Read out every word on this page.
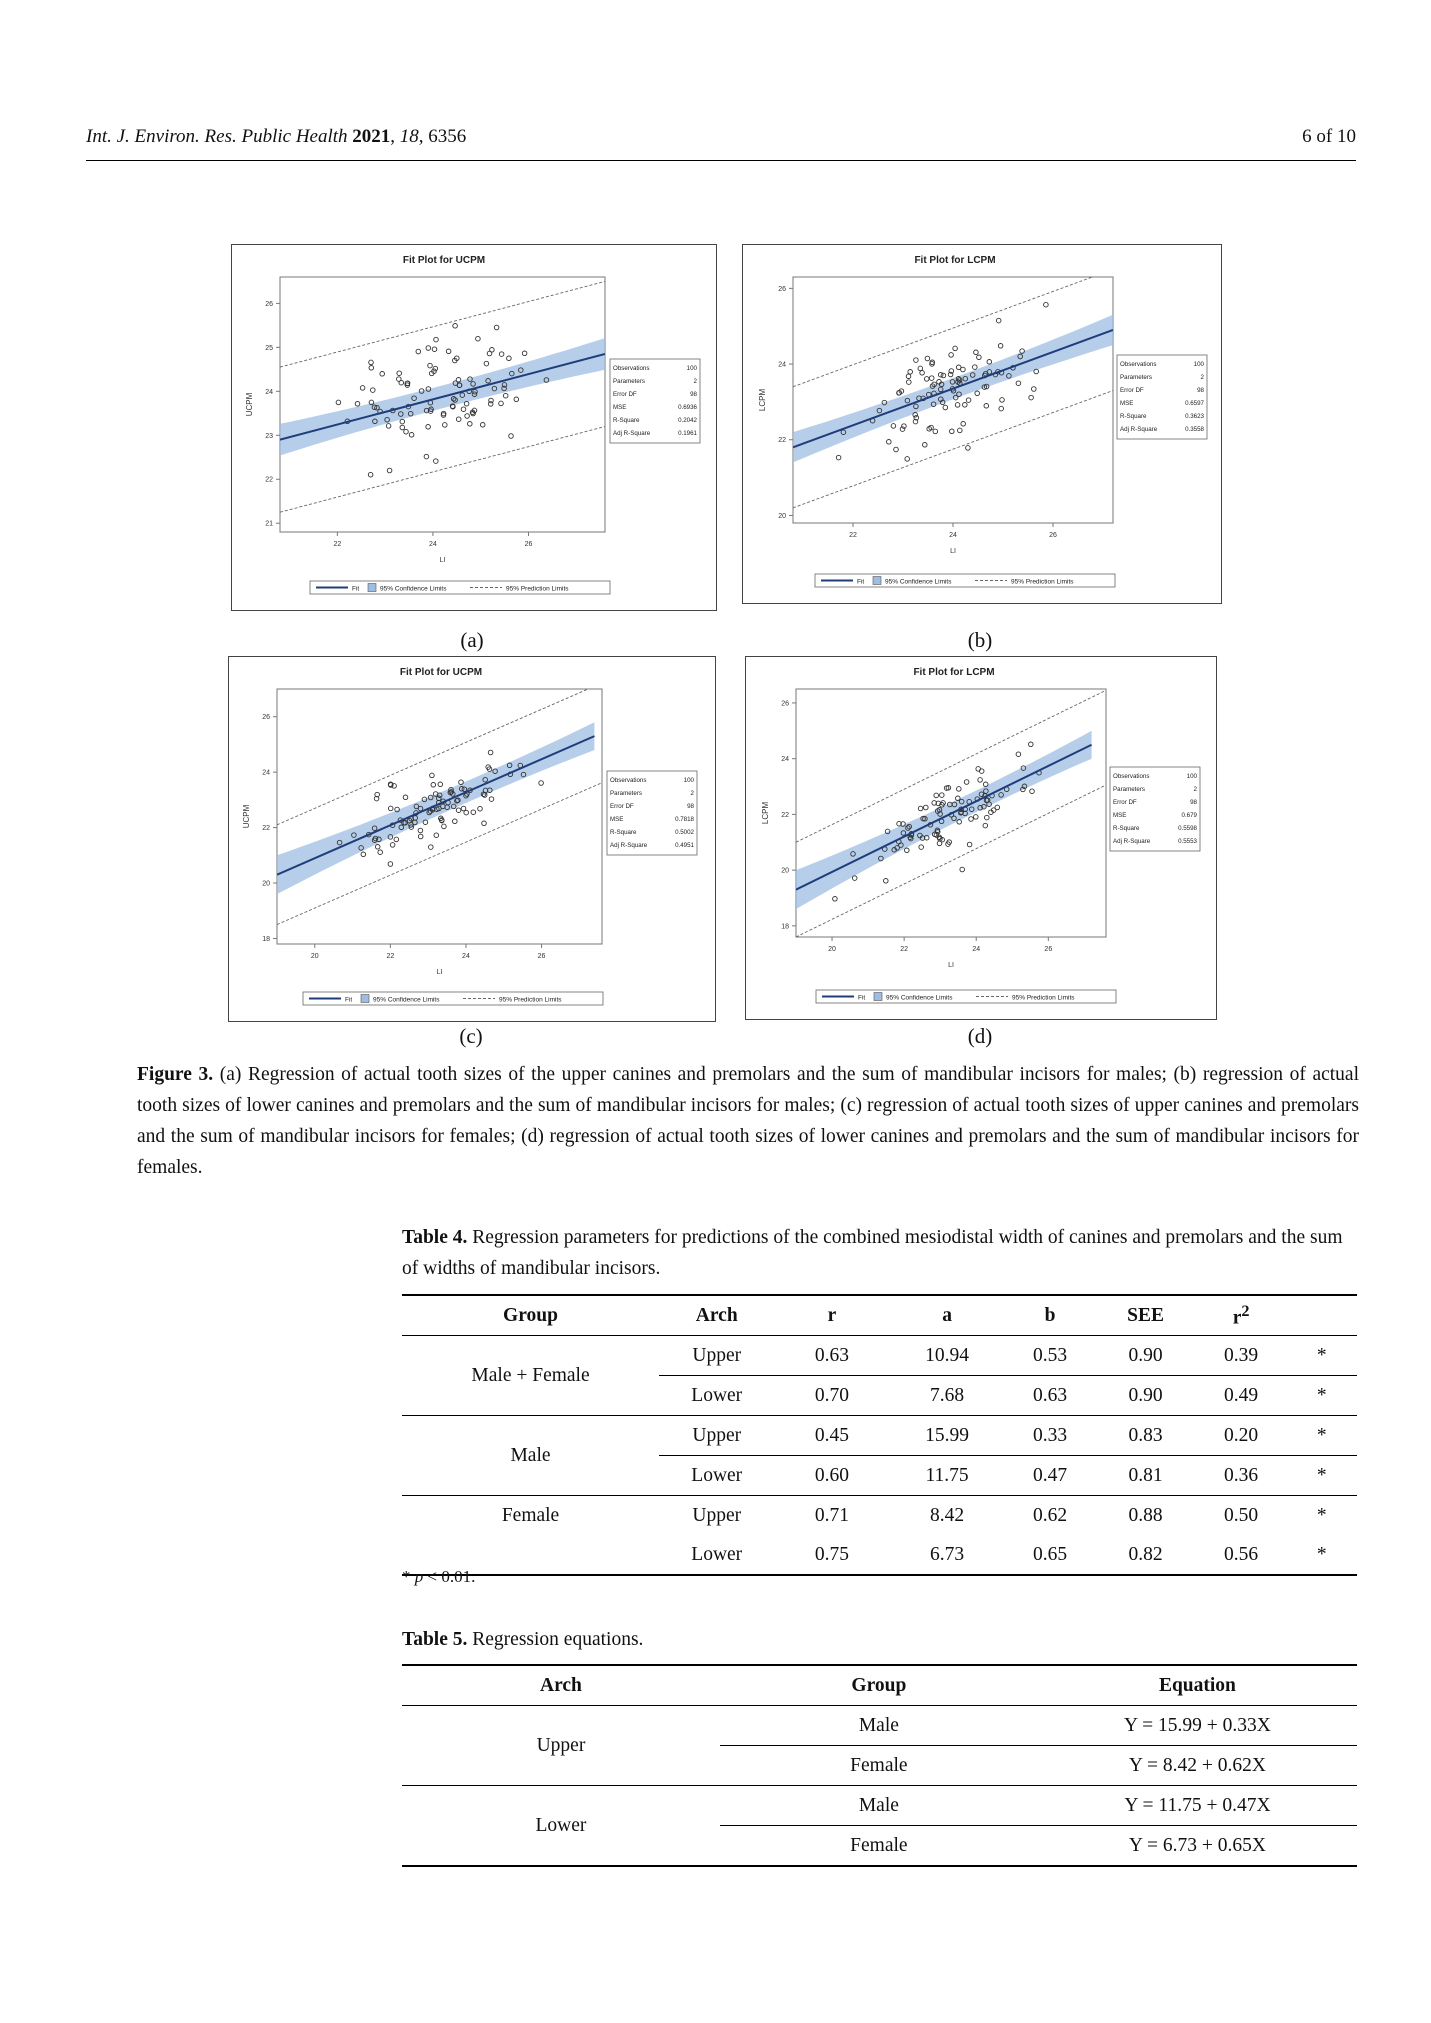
Int. J. Environ. Res. Public Health 2021, 18, 6356	6 of 10
Fit Plot for UCPM
22	24	26
21
22
23
24
25
26
LI
UCPM
Observations	100
Parameters	2
Error DF	98
MSE	0.6936
R-Square	0.2042
Adj R-Square	0.1961
Fit	95% Confidence Limits	95% Prediction Limits
Fit Plot for LCPM
22	24	26
20
22
24
26
LI
LCPM
Observations	100
Parameters	2
Error DF	98
MSE	0.6597
R-Square	0.3623
Adj R-Square	0.3558
Fit	95% Confidence Limits	95% Prediction Limits
Fit Plot for UCPM
20	22	24	26
18
20
22
24
26
LI
UCPM
Observations	100
Parameters	2
Error DF	98
MSE	0.7818
R-Square	0.5002
Adj R-Square	0.4951
Fit	95% Confidence Limits	95% Prediction Limits
Fit Plot for LCPM
20	22	24	26
18
20
22
24
26
LI
LCPM
Observations	100
Parameters	2
Error DF	98
MSE	0.679
R-Square	0.5598
Adj R-Square	0.5553
Fit	95% Confidence Limits	95% Prediction Limits
(a)	(b)
(c)	(d)
Figure 3. (a) Regression of actual tooth sizes of the upper canines and premolars and the sum of mandibular incisors for males; (b) regression of actual tooth sizes of lower canines and premolars and the sum of mandibular incisors for males; (c) regression of actual tooth sizes of upper canines and premolars and the sum of mandibular incisors for females; (d) regression of actual tooth sizes of lower canines and premolars and the sum of mandibular incisors for females.
Table 4. Regression parameters for predictions of the combined mesiodistal width of canines and premolars and the sum of widths of mandibular incisors.
Group	Arch	r	a	b	SEE	$r^2$	
Male + Female	Upper	0.63	10.94	0.53	0.90	0.39	*
	Lower	0.70	7.68	0.63	0.90	0.49	*
Male	Upper	0.45	15.99	0.33	0.83	0.20	*
	Lower	0.60	11.75	0.47	0.81	0.36	*
Female	Upper	0.71	8.42	0.62	0.88	0.50	*
	Lower	0.75	6.73	0.65	0.82	0.56	*
* p < 0.01.
Table 5. Regression equations.
Arch	Group	Equation
Upper	Male	Y = 15.99 + 0.33X
	Female	Y = 8.42 + 0.62X
Lower	Male	Y = 11.75 + 0.47X
	Female	Y = 6.73 + 0.65X
